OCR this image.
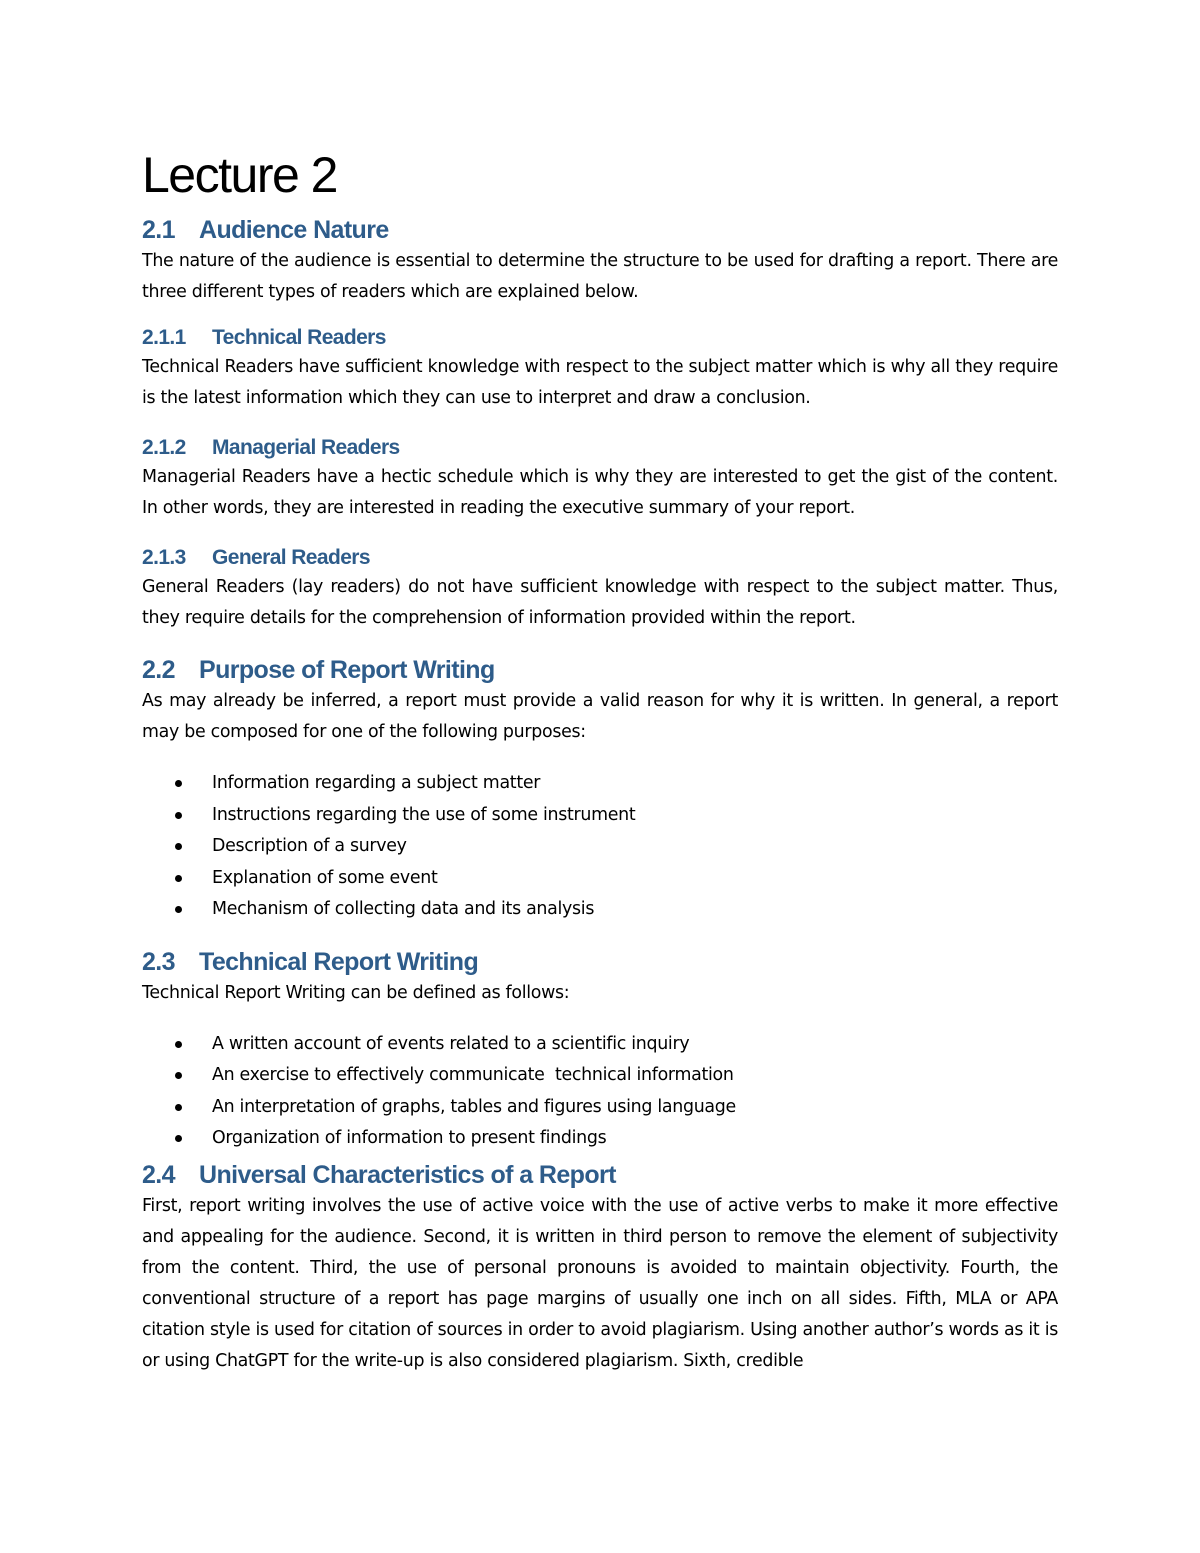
Lecture 2
2.1 Audience Nature

The nature of the audience is essential to determine the structure to be used for drafting a report. There are three different types of readers which are explained below.

2.1.1 Technical Readers

Technical Readers have sufficient knowledge with respect to the subject matter which is why all they require is the latest information which they can use to interpret and draw a conclusion.

2.1.2 Managerial Readers

Managerial Readers have a hectic schedule which is why they are interested to get the gist of the content. In other words, they are interested in reading the executive summary of your report.

2.1.3 General Readers

General Readers (lay readers) do not have sufficient knowledge with respect to the subject matter. Thus, they require details for the comprehension of information provided within the report.

2.2 Purpose of Report Writing

As may already be inferred, a report must provide a valid reason for why it is written. In general, a report may be composed for one of the following purposes:

Information regarding a subject matter
Instructions regarding the use of some instrument
Description of a survey
Explanation of some event
Mechanism of collecting data and its analysis
2.3 Technical Report Writing

Technical Report Writing can be defined as follows:

A written account of events related to a scientific inquiry
An exercise to effectively communicate  technical information
An interpretation of graphs, tables and figures using language
Organization of information to present findings
2.4 Universal Characteristics of a Report

First, report writing involves the use of active voice with the use of active verbs to make it more effective and appealing for the audience. Second, it is written in third person to remove the element of subjectivity from the content. Third, the use of personal pronouns is avoided to maintain objectivity. Fourth, the conventional structure of a report has page margins of usually one inch on all sides. Fifth, MLA or APA citation style is used for citation of sources in order to avoid plagiarism. Using another author’s words as it is or using ChatGPT for the write-up is also considered plagiarism. Sixth, credible
